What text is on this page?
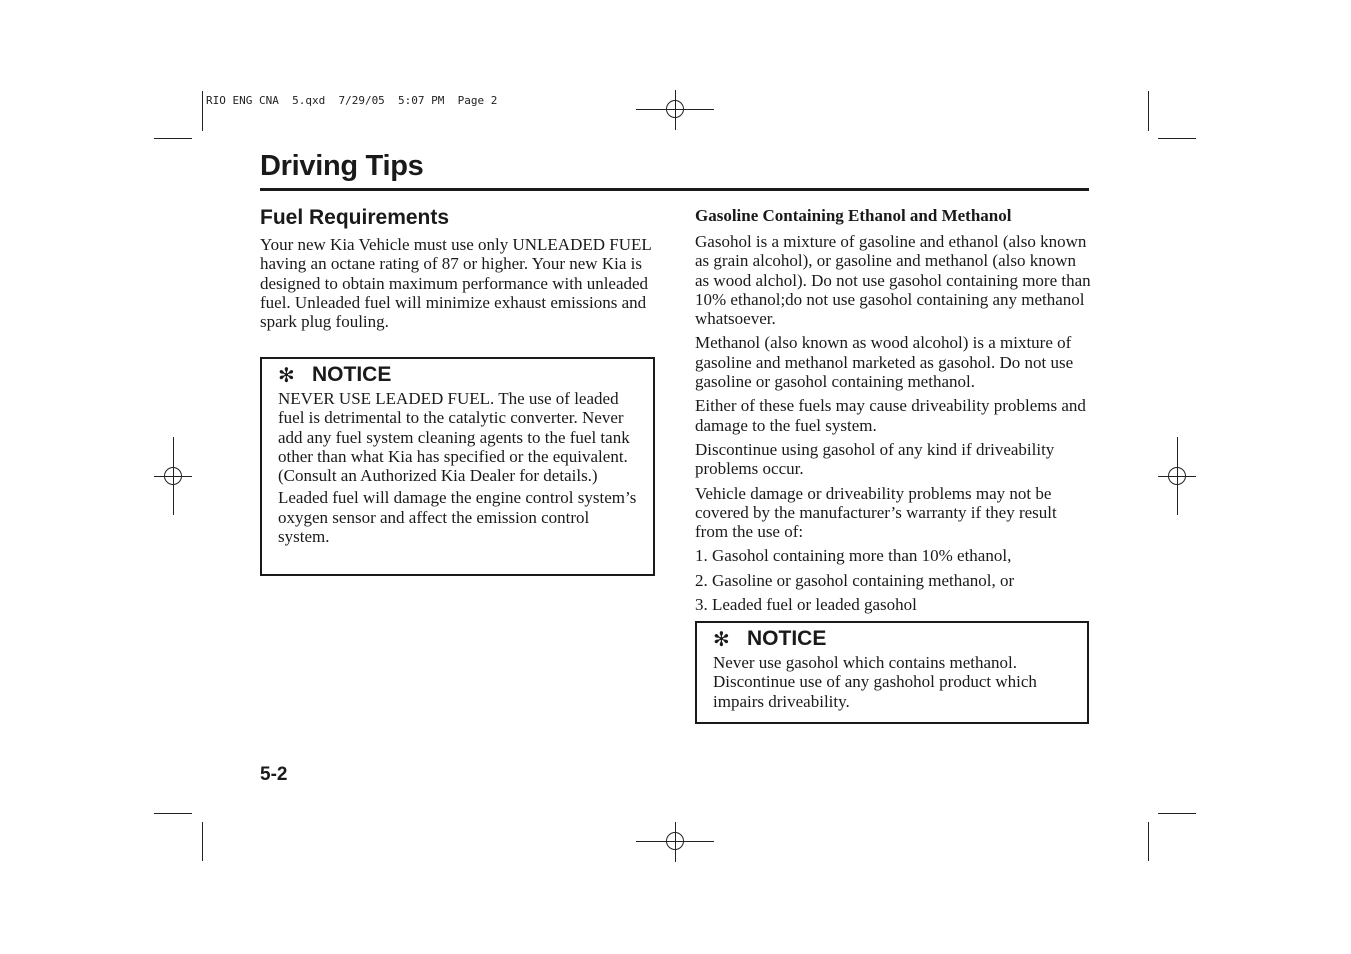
RIO ENG CNA  5.qxd  7/29/05  5:07 PM  Page 2
Driving Tips
Fuel Requirements

Your new Kia Vehicle must use only UNLEADED FUEL having an octane rating of 87 or higher. Your new Kia is designed to obtain maximum performance with unleaded fuel. Unleaded fuel will minimize exhaust emissions and spark plug fouling.

✻ NOTICE

NEVER USE LEADED FUEL. The use of leaded fuel is detrimental to the catalytic converter. Never add any fuel system cleaning agents to the fuel tank other than what Kia has specified or the equivalent. (Consult an Authorized Kia Dealer for details.)

Leaded fuel will damage the engine control system’s oxygen sensor and affect the emission control system.

Gasoline Containing Ethanol and Methanol

Gasohol is a mixture of gasoline and ethanol (also known as grain alcohol), or gasoline and methanol (also known as wood alchol). Do not use gasohol containing more than 10% ethanol;do not use gasohol containing any methanol whatsoever.

Methanol (also known as wood alcohol) is a mixture of gasoline and methanol marketed as gasohol. Do not use gasoline or gasohol containing methanol.

Either of these fuels may cause driveability problems and damage to the fuel system.

Discontinue using gasohol of any kind if driveability problems occur.

Vehicle damage or driveability problems may not be covered by the manufacturer’s warranty if they result from the use of:

1. Gasohol containing more than 10% ethanol,

2. Gasoline or gasohol containing methanol, or

3. Leaded fuel or leaded gasohol

✻ NOTICE

Never use gasohol which contains methanol. Discontinue use of any gashohol product which impairs driveability.

5-2
